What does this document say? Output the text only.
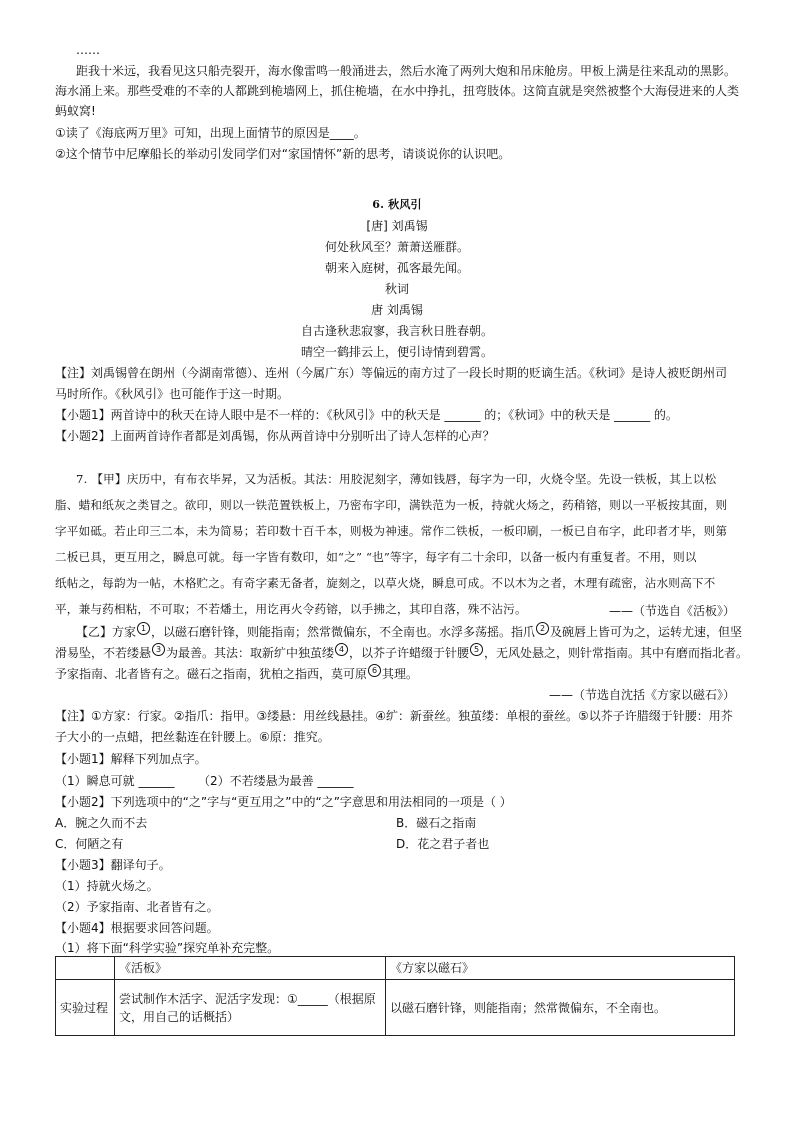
……
距我十米远，我看见这只船壳裂开，海水像雷鸣一般涌进去，然后水淹了两列大炮和吊床舱房。甲板上满是往来乱动的黑影。
海水涌上来。那些受难的不幸的人都跳到桅墙网上，抓住桅墙，在水中挣扎，扭弯肢体。这简直就是突然被整个大海侵进来的人类
蚂蚁窝!
①读了《海底两万里》可知，出现上面情节的原因是____。
②这个情节中尼摩船长的举动引发同学们对“家国情怀”新的思考，请谈说你的认识吧。
6. 秋风引
[唐] 刘禹锡
何处秋风至？萧萧送雁群。
朝来入庭树，孤客最先闻。
秋词
唐 刘禹锡
自古逢秋悲寂寥，我言秋日胜春朝。
晴空一鹤排云上，便引诗情到碧霄。
【注】刘禹锡曾在朗州（今湖南常德）、连州（今属广东）等偏远的南方过了一段长时期的贬谪生活。《秋词》是诗人被贬朗州司
马时所作。《秋风引》也可能作于这一时期。
【小题1】两首诗中的秋天在诗人眼中是不一样的：《秋风引》中的秋天是 ______ 的；《秋词》中的秋天是 ______ 的。
【小题2】上面两首诗作者都是刘禹锡，你从两首诗中分别听出了诗人怎样的心声？
7. 【甲】庆历中，有布衣毕昇，又为活板。其法：用胶泥刻字，薄如钱唇，每字为一印，火烧令坚。先设一铁板，其上以松
脂、蜡和纸灰之类冒之。欲印，则以一铁范置铁板上，乃密布字印，满铁范为一板，持就火炀之，药稍镕，则以一平板按其面，则
字平如砥。若止印三二本，未为简易；若印数十百千本，则极为神速。常作二铁板，一板印刷，一板已自布字，此印者才毕，则第
二板已具，更互用之，瞬息可就。每一字皆有数印，如“之” “也”等字，每字有二十余印，以备一板内有重复者。不用，则以
纸帖之，每韵为一帖，木格贮之。有奇字素无备者，旋刻之，以草火烧，瞬息可成。不以木为之者，木理有疏密，沾水则高下不
平，兼与药相粘，不可取；不若燔土，用讫再火令药镕，以手拂之，其印自落，殊不沾污。	——（节选自《活板》）
【乙】方家 $^1$ ，以磁石磨针锋，则能指南；然常微偏东，不全南也。水浮多荡摇。指爪 $^2$ 及碗唇上皆可为之，运转尤速，但坚
滑易坠，不若缕悬 $^3$ 为最善。其法：取新纩中独茧缕 $^4$ ，以芥子许蜡缀于针腰 $^5$ ，无风处悬之，则针常指南。其中有磨而指北者。
予家指南、北者皆有之。磁石之指南，犹柏之指西，莫可原 $^6$ 其理。
——（节选自沈括《方家以磁石》）
【注】①方家：行家。②指爪：指甲。③缕悬：用丝线悬挂。④纩：新蚕丝。独茧缕：单根的蚕丝。⑤以芥子许腊缀于针腰：用芥
子大小的一点蜡，把丝黏连在针腰上。⑥原：推究。
【小题1】解释下列加点字。
（1）瞬息可就 ______	（2）不若缕悬为最善 ______
【小题2】下列选项中的“之”字与“更互用之”中的“之”字意思和用法相同的一项是（ ）
A．腕之久而不去	B．磁石之指南
C．何陋之有	D．花之君子者也
【小题3】翻译句子。
（1）持就火炀之。
（2）予家指南、北者皆有之。
【小题4】根据要求回答问题。
（1）将下面“科学实验”探究单补充完整。
	《活板》	《方家以磁石》
实验过程	尝试制作木活字、泥活字发现：①_____（根据原
文，用自己的话概括）	以磁石磨针锋，则能指南；然常微偏东，不全南也。
